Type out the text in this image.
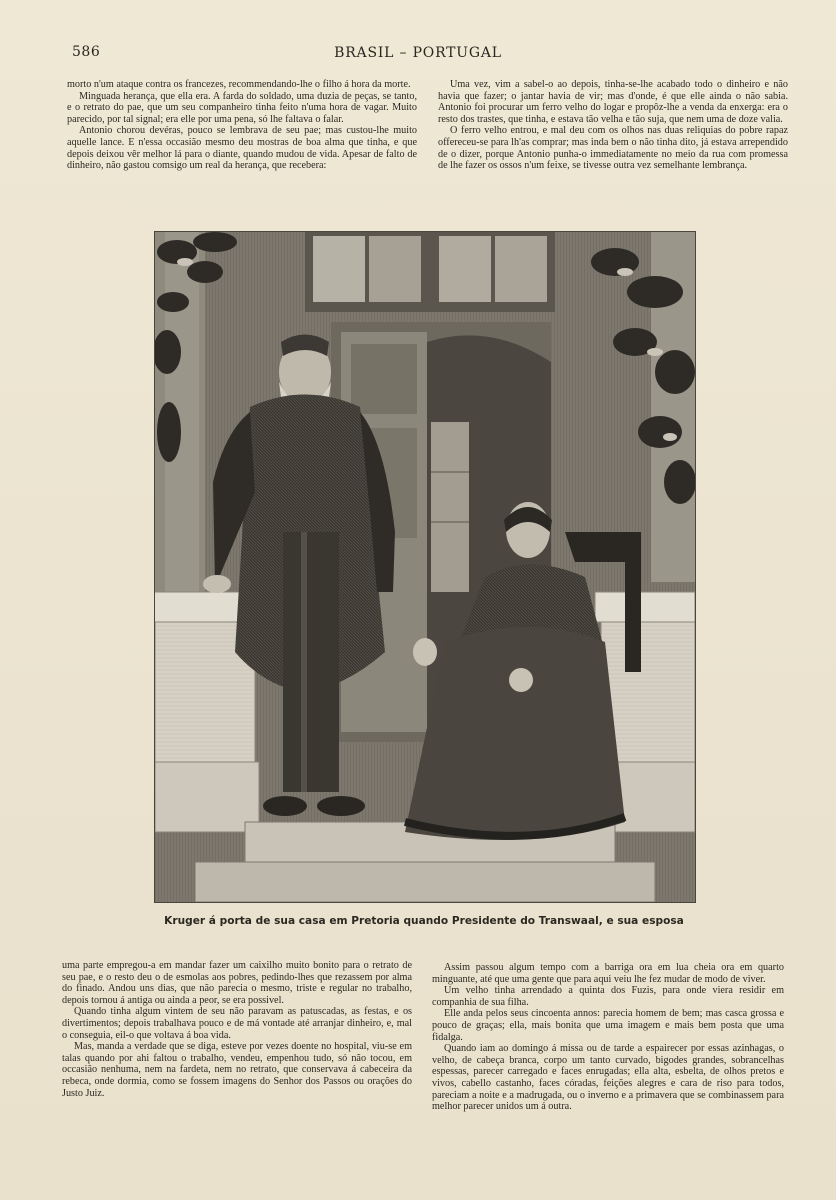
586	BRASIL – PORTUGAL

morto n'um ataque contra os francezes, recommendando-lhe o filho á hora da morte.

Minguada herança, que ella era. A farda do soldado, uma duzia de peças, se tanto, e o retrato do pae, que um seu companheiro tinha feito n'uma hora de vagar. Muito parecido, por tal signal; era elle por uma pena, só lhe faltava o falar.

Antonio chorou devéras, pouco se lembrava de seu pae; mas custou-lhe muito aquelle lance. E n'essa occasião mesmo deu mostras de boa alma que tinha, e que depois deixou vêr melhor lá para o diante, quando mudou de vida. Apesar de falto de dinheiro, não gastou comsigo um real da herança, que recebera:

Uma vez, vim a sabel-o ao depois, tinha-se-lhe acabado todo o dinheiro e não havia que fazer; o jantar havia de vir; mas d'onde, é que elle ainda o não sabia. Antonio foi procurar um ferro velho do logar e propôz-lhe a venda da enxerga: era o resto dos trastes, que tinha, e estava tão velha e tão suja, que nem uma de doze valia.

O ferro velho entrou, e mal deu com os olhos nas duas reliquias do pobre rapaz offereceu-se para lh'as comprar; mas inda bem o não tinha dito, já estava arrependido de o dizer, porque Antonio punha-o immediatamente no meio da rua com promessa de lhe fazer os ossos n'um feixe, se tivesse outra vez semelhante lembrança.

Kruger á porta de sua casa em Pretoria quando Presidente do Transwaal, e sua esposa

uma parte empregou-a em mandar fazer um caixilho muito bonito para o retrato de seu pae, e o resto deu o de esmolas aos pobres, pedindo-lhes que rezassem por alma do finado. Andou uns dias, que não parecia o mesmo, triste e regular no trabalho, depois tornou á antiga ou ainda a peor, se era possivel.

Quando tinha algum vintem de seu não paravam as patuscadas, as festas, e os divertimentos; depois trabalhava pouco e de má vontade até arranjar dinheiro, e, mal o conseguia, eil-o que voltava á boa vida.

Mas, manda a verdade que se diga, esteve por vezes doente no hospital, viu-se em talas quando por ahi faltou o trabalho, vendeu, empenhou tudo, só não tocou, em occasião nenhuma, nem na fardeta, nem no retrato, que conservava á cabeceira da rebeca, onde dormia, como se fossem imagens do Senhor dos Passos ou orações do Justo Juiz.

Assim passou algum tempo com a barriga ora em lua cheia ora em quarto minguante, até que uma gente que para aqui veiu lhe fez mudar de modo de viver.

Um velho tinha arrendado a quinta dos Fuzis, para onde viera residir em companhia de sua filha.

Elle anda pelos seus cincoenta annos: parecia homem de bem; mas casca grossa e pouco de graças; ella, mais bonita que uma imagem e mais bem posta que uma fidalga.

Quando iam ao domingo á missa ou de tarde a espairecer por essas azinhagas, o velho, de cabeça branca, corpo um tanto curvado, bigodes grandes, sobrancelhas espessas, parecer carregado e faces enrugadas; ella alta, esbelta, de olhos pretos e vivos, cabello castanho, faces córadas, feições alegres e cara de riso para todos, pareciam a noite e a madrugada, ou o inverno e a primavera que se combinassem para melhor parecer unidos um á outra.
